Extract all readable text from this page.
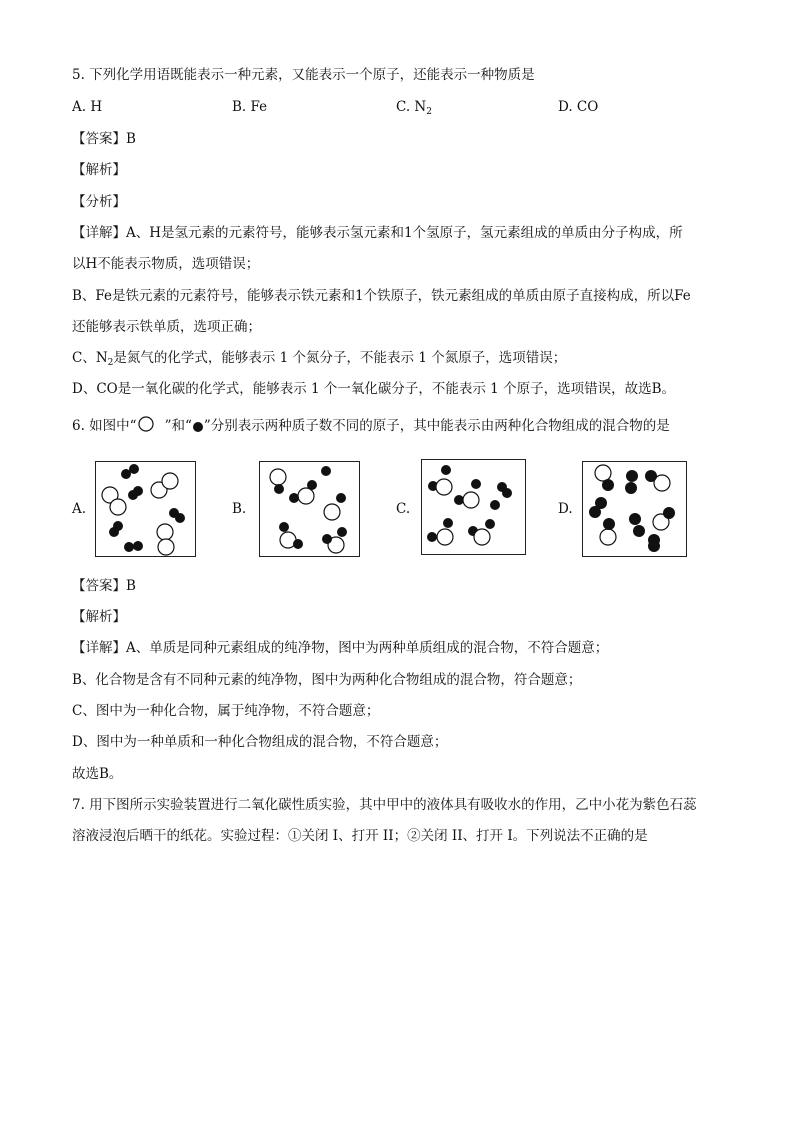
5. 下列化学用语既能表示一种元素，又能表示一个原子，还能表示一种物质是
A. H	B. Fe	C. $N_2$	D. CO
【答案】B
【解析】
【分析】
【详解】A、H是氢元素的元素符号，能够表示氢元素和1个氢原子，氢元素组成的单质由分子构成，所
以H不能表示物质，选项错误；
B、Fe是铁元素的元素符号，能够表示铁元素和1个铁原子，铁元素组成的单质由原子直接构成，所以Fe
还能够表示铁单质，选项正确；
C、$N_2$是氮气的化学式，能够表示 1 个氮分子，不能表示 1 个氮原子，选项错误；
D、CO是一氧化碳的化学式，能够表示 1 个一氧化碳分子，不能表示 1 个原子，选项错误，故选B。
6. 如图中“ ”和“ ”分别表示两种质子数不同的原子，其中能表示由两种化合物组成的混合物的是
A.	B.	C.	D.
【答案】B
【解析】
【详解】A、单质是同种元素组成的纯净物，图中为两种单质组成的混合物，不符合题意；
B、化合物是含有不同种元素的纯净物，图中为两种化合物组成的混合物，符合题意；
C、图中为一种化合物，属于纯净物，不符合题意；
D、图中为一种单质和一种化合物组成的混合物，不符合题意；
故选B。
7. 用下图所示实验装置进行二氧化碳性质实验，其中甲中的液体具有吸收水的作用，乙中小花为紫色石蕊
溶液浸泡后晒干的纸花。实验过程：①关闭 I、打开 II；②关闭 II、打开 I。下列说法不正确的是
